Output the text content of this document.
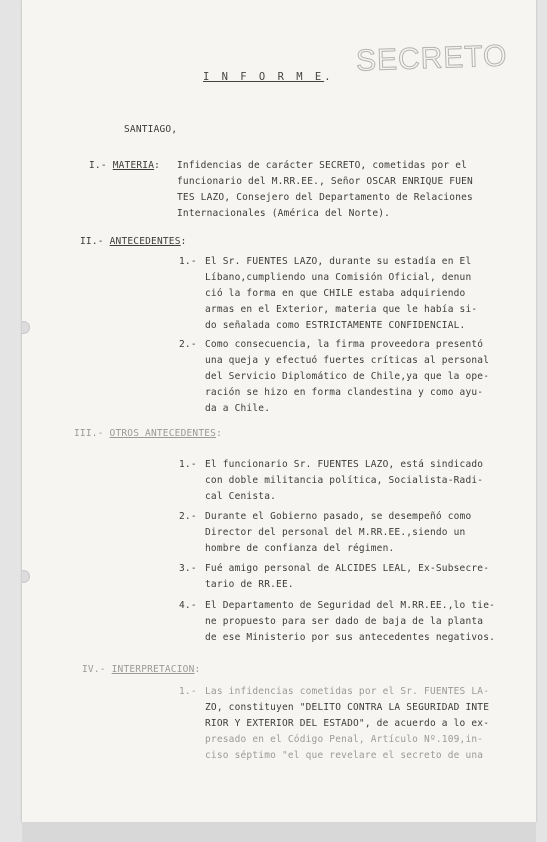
SECRETO
I N F O R M E.
SANTIAGO,
I.- MATERIA: Infidencias de carácter SECRETO, cometidas por el
funcionario del M.RR.EE., Señor OSCAR ENRIQUE FUEN
TES LAZO, Consejero del Departamento de Relaciones
Internacionales (América del Norte).
II.- ANTECEDENTES:
1.- El Sr. FUENTES LAZO, durante su estadía en El
Líbano,cumpliendo una Comisión Oficial, denun
ció la forma en que CHILE estaba adquiriendo
armas en el Exterior, materia que le había si-
do señalada como ESTRICTAMENTE CONFIDENCIAL.
2.- Como consecuencia, la firma proveedora presentó
una queja y efectuó fuertes críticas al personal
del Servicio Diplomático de Chile,ya que la ope-
ración se hizo en forma clandestina y como ayu-
da a Chile.
III.- OTROS ANTECEDENTES:
1.- El funcionario Sr. FUENTES LAZO, está sindicado
con doble militancia política, Socialista-Radi-
cal Cenista.
2.- Durante el Gobierno pasado, se desempeñó como
Director del personal del M.RR.EE.,siendo un
hombre de confianza del régimen.
3.- Fué amigo personal de ALCIDES LEAL, Ex-Subsecre-
tario de RR.EE.
4.- El Departamento de Seguridad del M.RR.EE.,lo tie-
ne propuesto para ser dado de baja de la planta
de ese Ministerio por sus antecedentes negativos.
IV.- INTERPRETACION:
1.- Las infidencias cometidas por el Sr. FUENTES LA-
ZO, constituyen "DELITO CONTRA LA SEGURIDAD INTE
RIOR Y EXTERIOR DEL ESTADO", de acuerdo a lo ex-
presado en el Código Penal, Artículo Nº.109,in-
ciso séptimo "el que revelare el secreto de una
